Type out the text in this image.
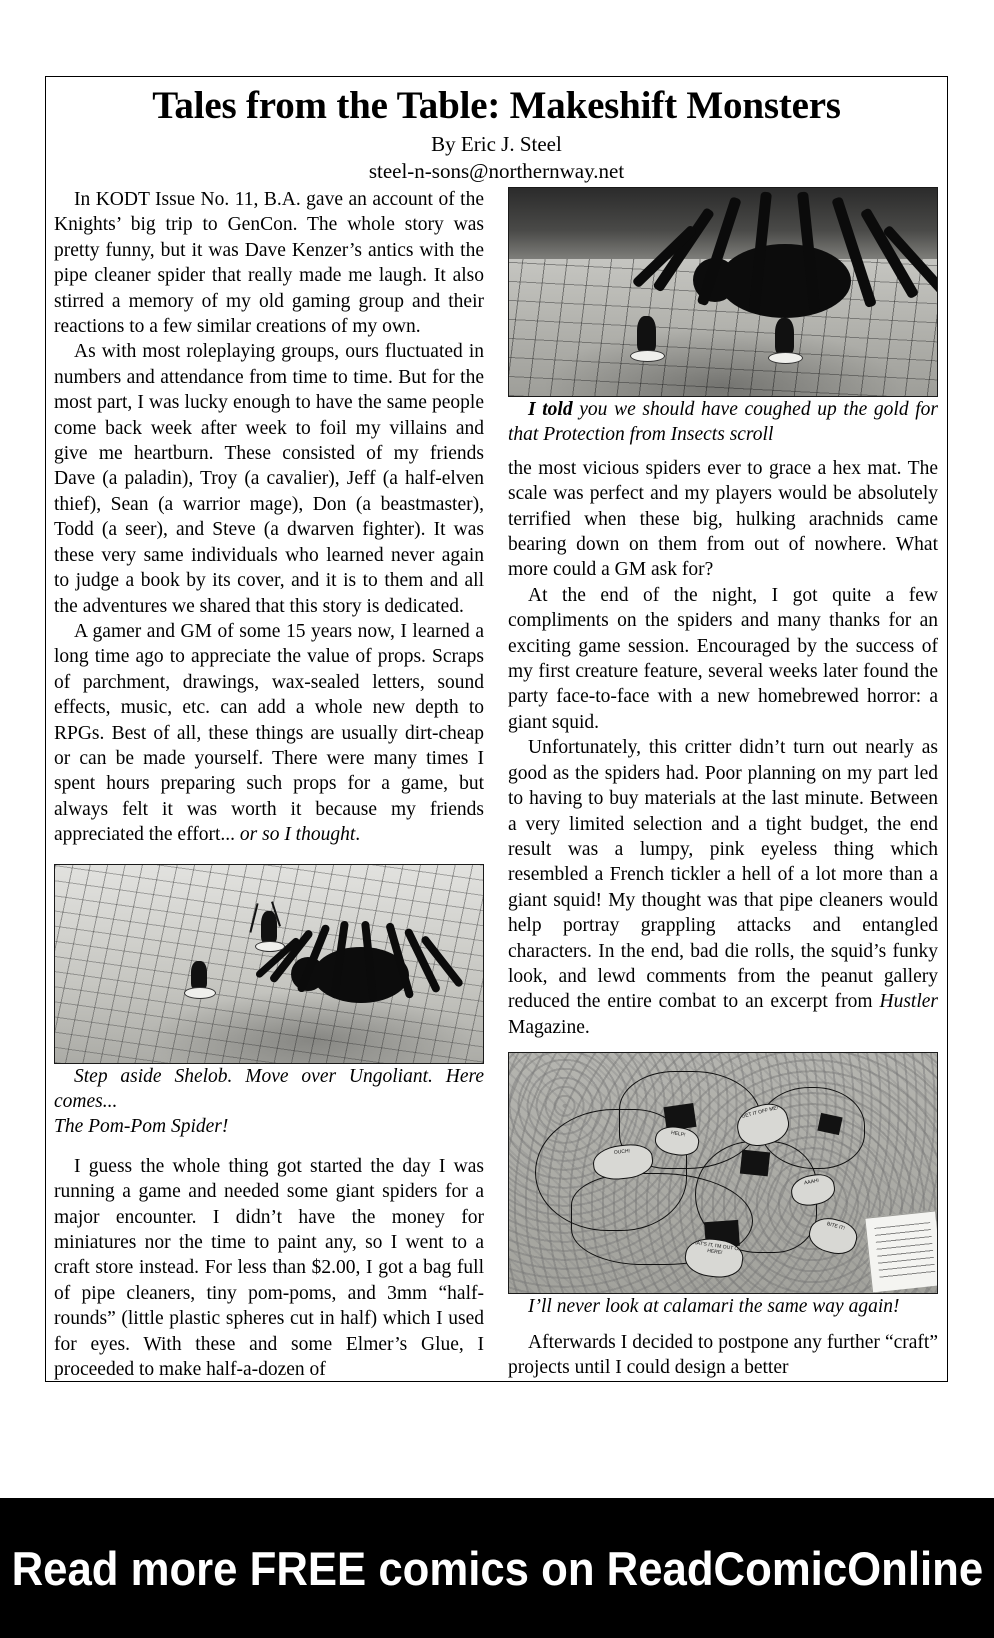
Tales from the Table: Makeshift Monsters
By Eric J. Steel
steel-n-sons@northernway.net

In KODT Issue No. 11, B.A. gave an account of the Knights’ big trip to GenCon. The whole story was pretty funny, but it was Dave Kenzer’s antics with the pipe cleaner spider that really made me laugh. It also stirred a memory of my old gaming group and their reactions to a few similar creations of my own.

As with most roleplaying groups, ours fluctuated in numbers and attendance from time to time. But for the most part, I was lucky enough to have the same people come back week after week to foil my villains and give me heartburn. These consisted of my friends Dave (a paladin), Troy (a cavalier), Jeff (a half-elven thief), Sean (a warrior mage), Don (a beastmaster), Todd (a seer), and Steve (a dwarven fighter). It was these very same individuals who learned never again to judge a book by its cover, and it is to them and all the adventures we shared that this story is dedicated.

A gamer and GM of some 15 years now, I learned a long time ago to appreciate the value of props. Scraps of parchment, drawings, wax-sealed letters, sound effects, music, etc. can add a whole new depth to RPGs. Best of all, these things are usually dirt-cheap or can be made yourself. There were many times I spent hours preparing such props for a game, but always felt it was worth it because my friends appreciated the effort... or so I thought.

Step aside Shelob. Move over Ungoliant. Here comes...
The Pom-Pom Spider!

I guess the whole thing got started the day I was running a game and needed some giant spiders for a major encounter. I didn’t have the money for miniatures nor the time to paint any, so I went to a craft store instead. For less than $2.00, I got a bag full of pipe cleaners, tiny pom-poms, and 3mm “half-rounds” (little plastic spheres cut in half) which I used for eyes. With these and some Elmer’s Glue, I proceeded to make half-a-dozen of

I told you we should have coughed up the gold for that Protection from Insects scroll

the most vicious spiders ever to grace a hex mat. The scale was perfect and my players would be absolutely terrified when these big, hulking arachnids came bearing down on them from out of nowhere. What more could a GM ask for?

At the end of the night, I got quite a few compliments on the spiders and many thanks for an exciting game session. Encouraged by the success of my first creature feature, several weeks later found the party face-to-face with a new homebrewed horror: a giant squid.

Unfortunately, this critter didn’t turn out nearly as good as the spiders had. Poor planning on my part led to having to buy materials at the last minute. Between a very limited selection and a tight budget, the end result was a lumpy, pink eyeless thing which resembled a French tickler a hell of a lot more than a giant squid! My thought was that pipe cleaners would help portray grappling attacks and entangled characters. In the end, bad die rolls, the squid’s funky look, and lewd comments from the peanut gallery reduced the entire combat to an excerpt from Hustler Magazine.

OUCH!
HELP!
GET IT OFF ME!
THAT'S IT, I'M OUT OF HERE!
AAAH!
BITE IT!

I’ll never look at calamari the same way again!

Afterwards I decided to postpone any further “craft” projects until I could design a better

Read more FREE comics on ReadComicOnline
